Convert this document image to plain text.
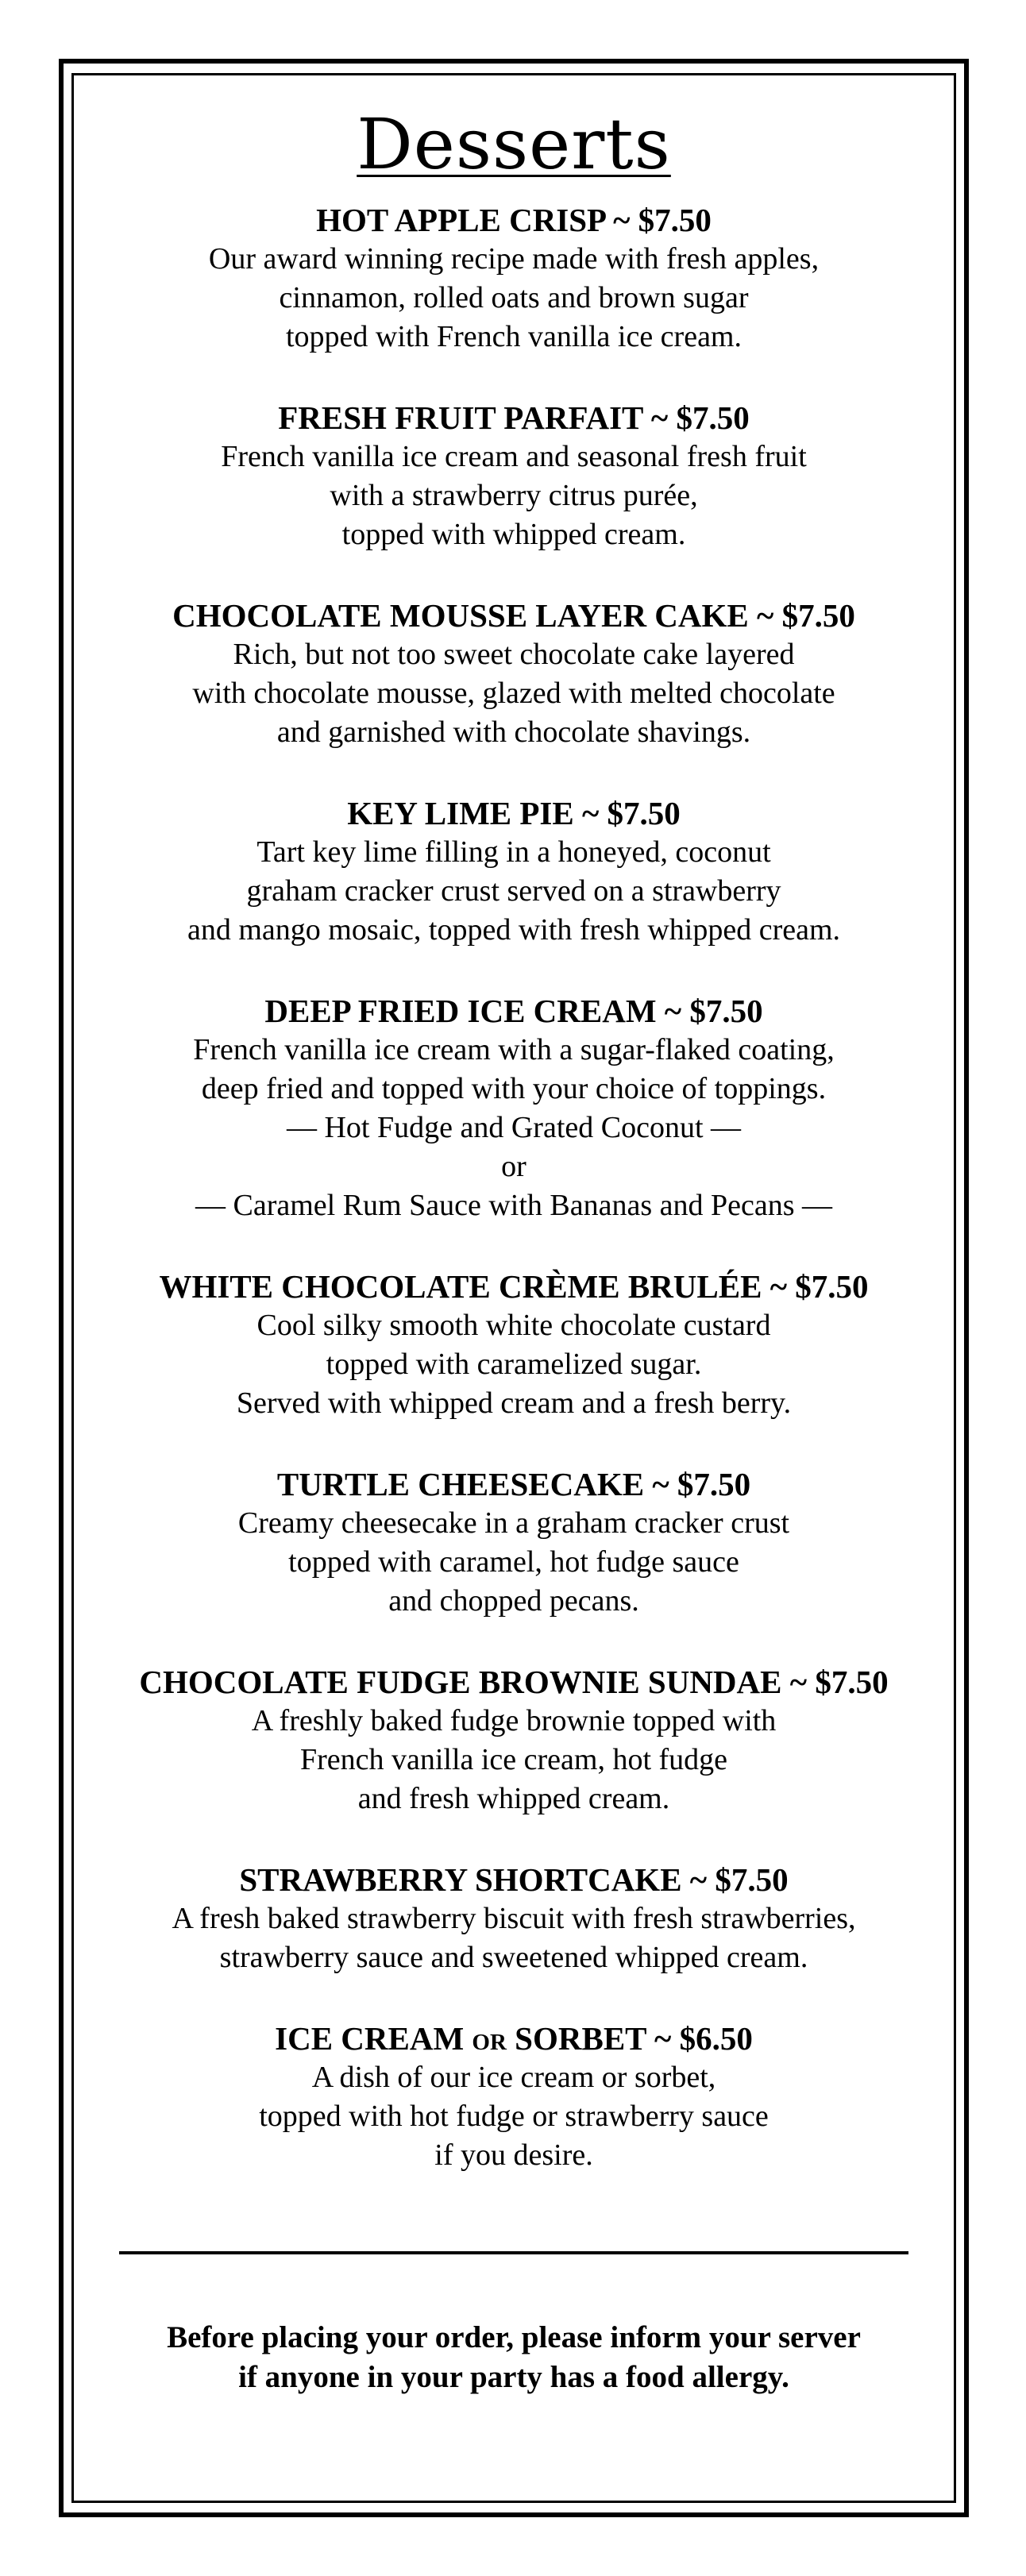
Desserts

HOT APPLE CRISP ~ $7.50

Our award winning recipe made with fresh apples,

cinnamon, rolled oats and brown sugar

topped with French vanilla ice cream.

FRESH FRUIT PARFAIT ~ $7.50

French vanilla ice cream and seasonal fresh fruit

with a strawberry citrus purée,

topped with whipped cream.

CHOCOLATE MOUSSE LAYER CAKE ~ $7.50

Rich, but not too sweet chocolate cake layered

with chocolate mousse, glazed with melted chocolate

and garnished with chocolate shavings.

KEY LIME PIE ~ $7.50

Tart key lime filling in a honeyed, coconut

graham cracker crust served on a strawberry

and mango mosaic, topped with fresh whipped cream.

DEEP FRIED ICE CREAM ~ $7.50

French vanilla ice cream with a sugar-flaked coating,

deep fried and topped with your choice of toppings.

— Hot Fudge and Grated Coconut —

or

— Caramel Rum Sauce with Bananas and Pecans —

WHITE CHOCOLATE CRÈME BRULÉE ~ $7.50

Cool silky smooth white chocolate custard

topped with caramelized sugar.

Served with whipped cream and a fresh berry.

TURTLE CHEESECAKE ~ $7.50

Creamy cheesecake in a graham cracker crust

topped with caramel, hot fudge sauce

and chopped pecans.

CHOCOLATE FUDGE BROWNIE SUNDAE ~ $7.50

A freshly baked fudge brownie topped with

French vanilla ice cream, hot fudge

and fresh whipped cream.

STRAWBERRY SHORTCAKE ~ $7.50

A fresh baked strawberry biscuit with fresh strawberries,

strawberry sauce and sweetened whipped cream.

ICE CREAM or SORBET ~ $6.50

A dish of our ice cream or sorbet,

topped with hot fudge or strawberry sauce

if you desire.

Before placing your order, please inform your server

if anyone in your party has a food allergy.
